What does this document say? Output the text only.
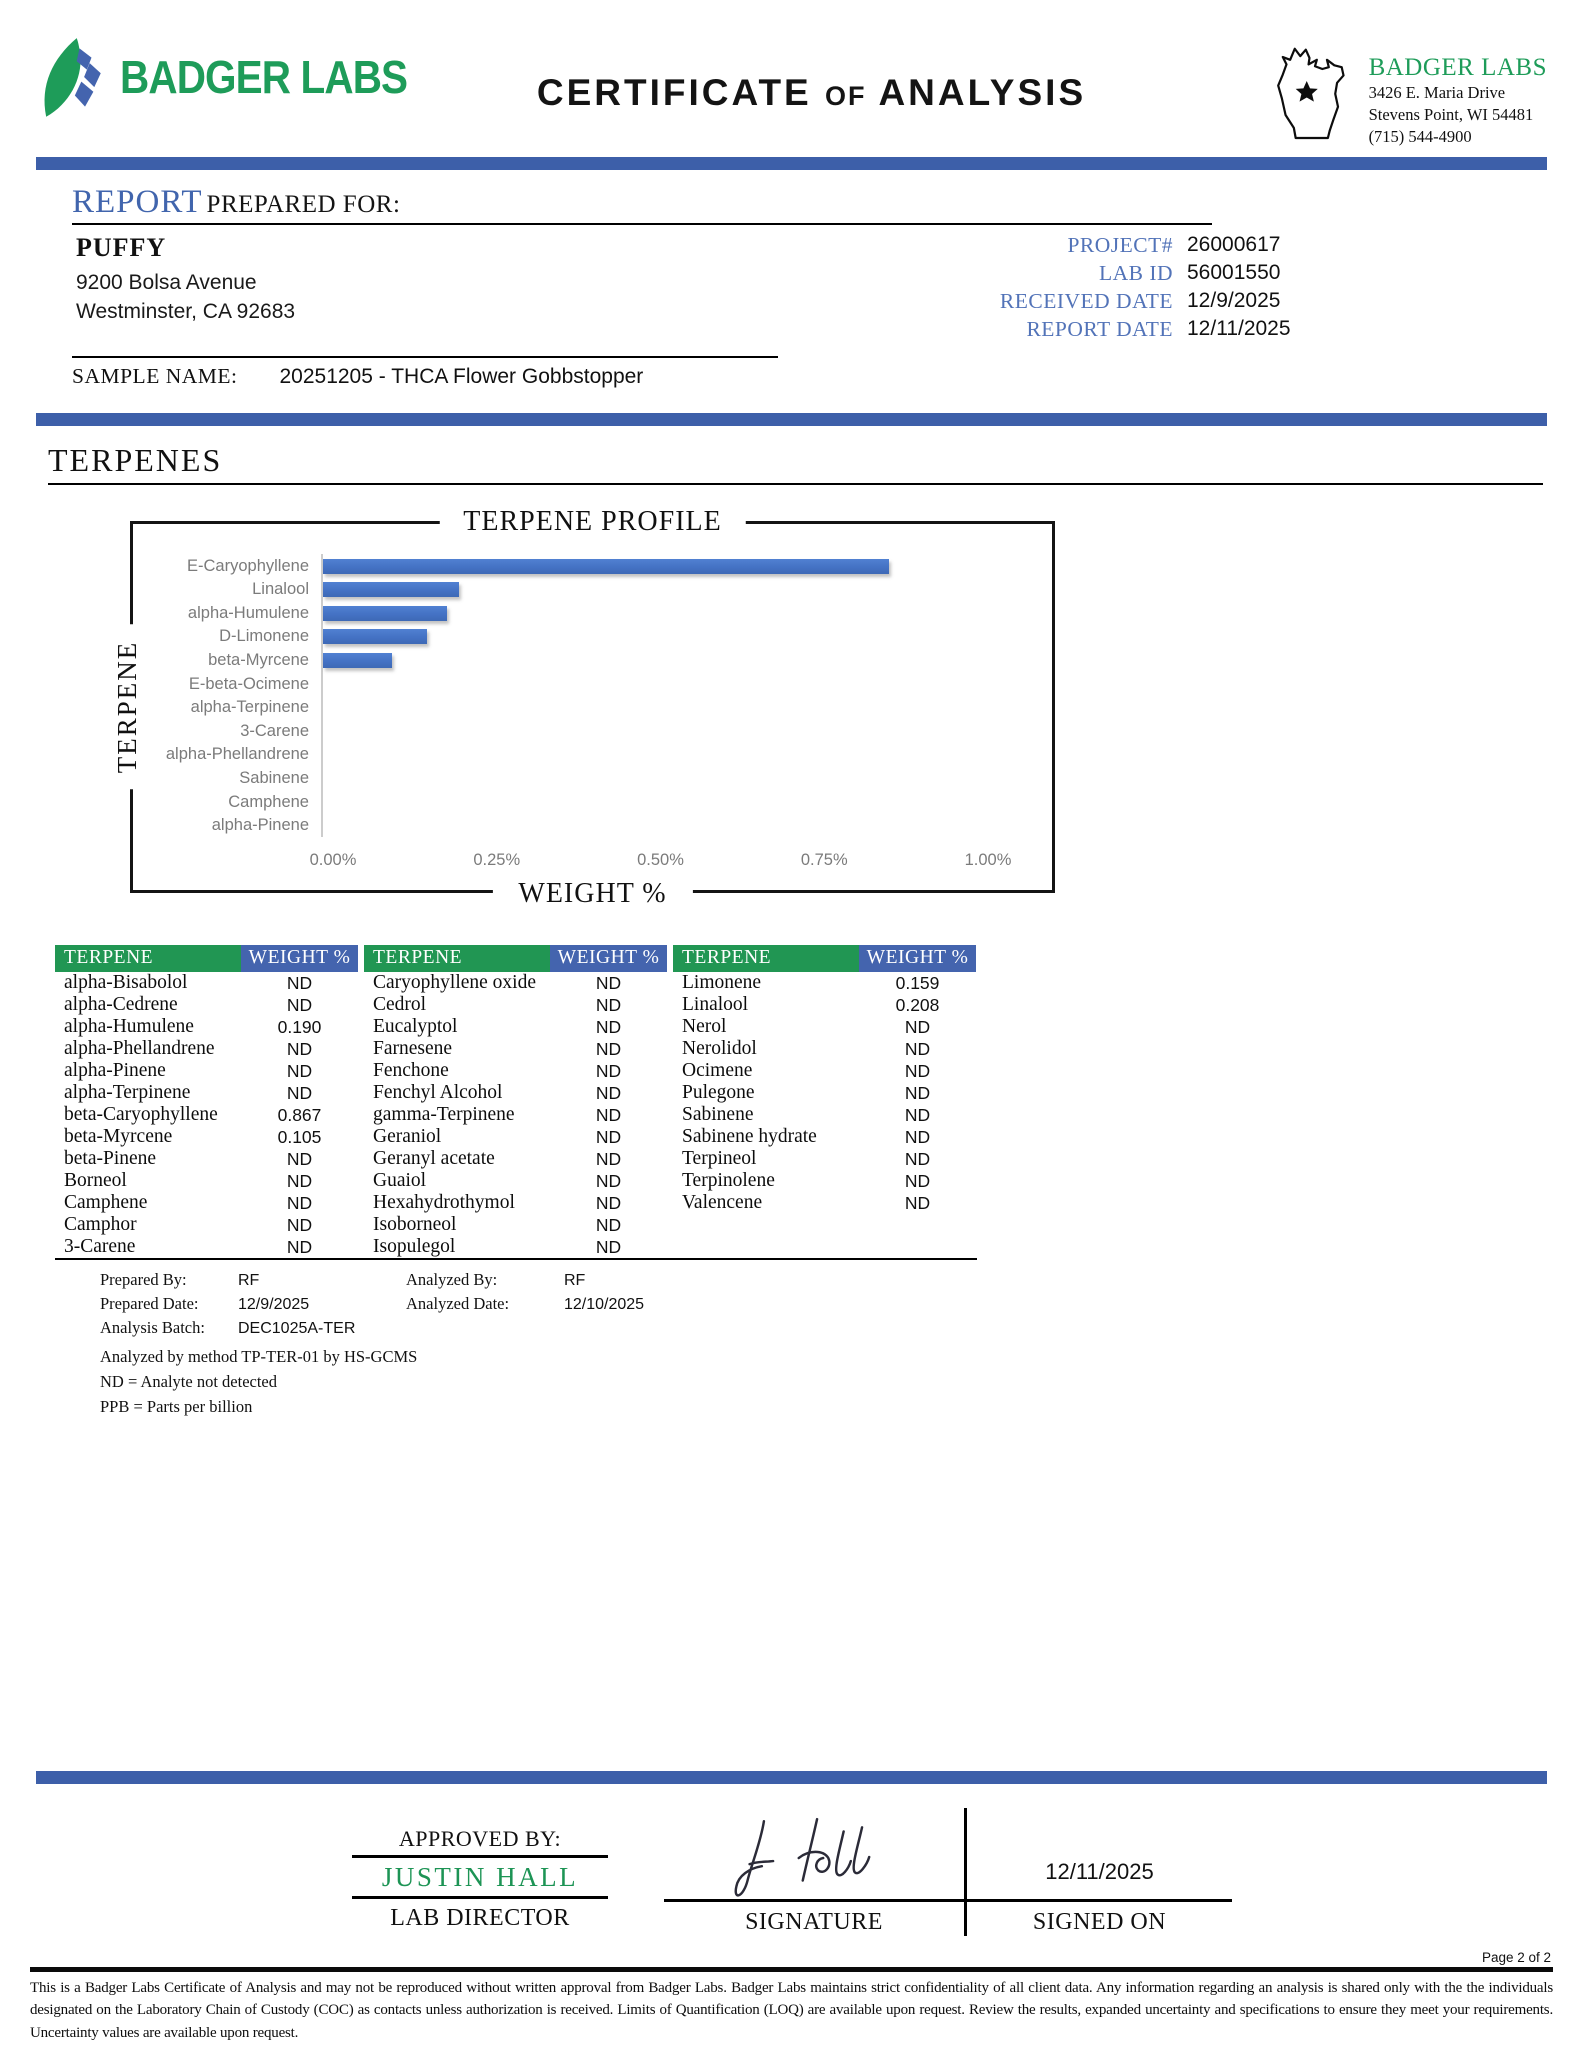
BADGER LABS	CERTIFICATE OF ANALYSIS
BADGER LABS
3426 E. Maria Drive
Stevens Point, WI 54481
(715) 544-4900
REPORT PREPARED FOR:
PUFFY
9200 Bolsa Avenue
Westminster, CA 92683
PROJECT# 26000617
LAB ID 56001550
RECEIVED DATE 12/9/2025
REPORT DATE 12/11/2025
SAMPLE NAME: 20251205 - THCA Flower Gobbstopper
TERPENES
TERPENE PROFILE
TERPENE
E-Caryophyllene
Linalool
alpha-Humulene
D-Limonene
beta-Myrcene
E-beta-Ocimene
alpha-Terpinene
3-Carene
alpha-Phellandrene
Sabinene
Camphene
alpha-Pinene
0.00%	0.25%	0.50%	0.75%	1.00%
WEIGHT %
TERPENE	WEIGHT %
alpha-Bisabolol	ND
alpha-Cedrene	ND
alpha-Humulene	0.190
alpha-Phellandrene	ND
alpha-Pinene	ND
alpha-Terpinene	ND
beta-Caryophyllene	0.867
beta-Myrcene	0.105
beta-Pinene	ND
Borneol	ND
Camphene	ND
Camphor	ND
3-Carene	ND
TERPENE	WEIGHT %
Caryophyllene oxide	ND
Cedrol	ND
Eucalyptol	ND
Farnesene	ND
Fenchone	ND
Fenchyl Alcohol	ND
gamma-Terpinene	ND
Geraniol	ND
Geranyl acetate	ND
Guaiol	ND
Hexahydrothymol	ND
Isoborneol	ND
Isopulegol	ND
TERPENE	WEIGHT %
Limonene	0.159
Linalool	0.208
Nerol	ND
Nerolidol	ND
Ocimene	ND
Pulegone	ND
Sabinene	ND
Sabinene hydrate	ND
Terpineol	ND
Terpinolene	ND
Valencene	ND
Prepared By:	RF	Analyzed By:	RF
Prepared Date:	12/9/2025	Analyzed Date:	12/10/2025
Analysis Batch:	DEC1025A-TER
Analyzed by method TP-TER-01 by HS-GCMS
ND = Analyte not detected
PPB = Parts per billion
APPROVED BY:
JUSTIN HALL
LAB DIRECTOR	SIGNATURE
12/11/2025
SIGNED ON
Page 2 of 2

This is a Badger Labs Certificate of Analysis and may not be reproduced without written approval from Badger Labs. Badger Labs maintains strict confidentiality of all client data. Any information regarding an analysis is shared only with the the individuals designated on the Laboratory Chain of Custody (COC) as contacts unless authorization is received. Limits of Quantification (LOQ) are available upon request. Review the results, expanded uncertainty and specifications to ensure they meet your requirements. Uncertainty values are available upon request.
